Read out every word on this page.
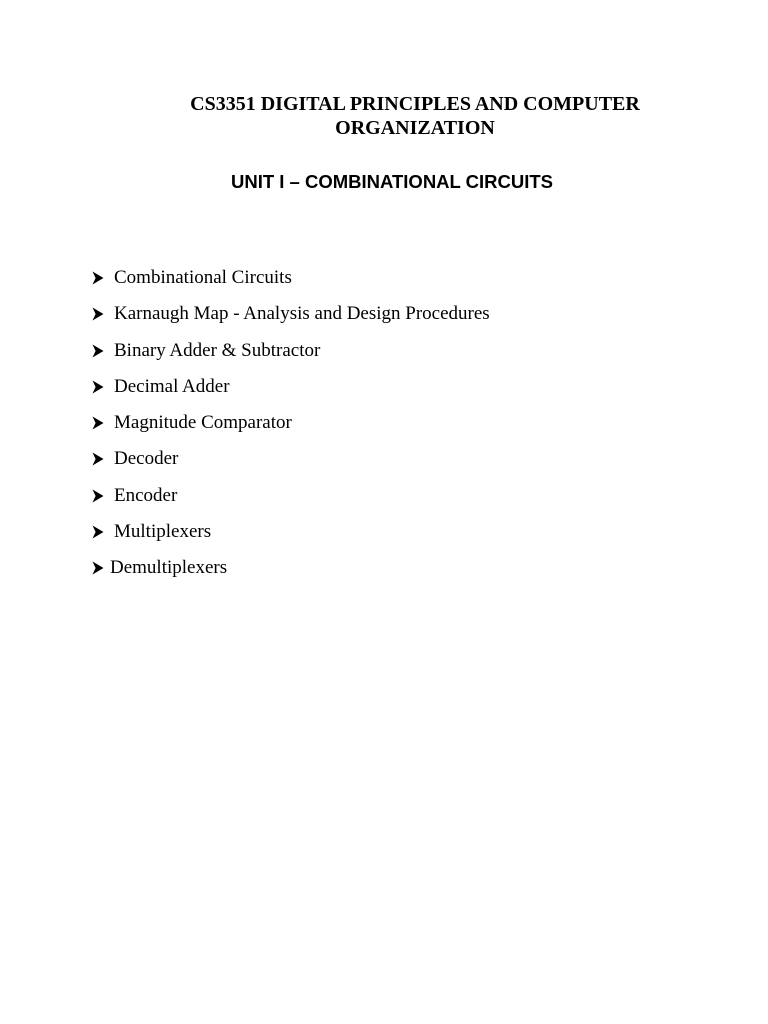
CS3351 DIGITAL PRINCIPLES AND COMPUTER
ORGANIZATION
UNIT I – COMBINATIONAL CIRCUITS
Combinational Circuits
Karnaugh Map - Analysis and Design Procedures
Binary Adder & Subtractor
Decimal Adder
Magnitude Comparator
Decoder
Encoder
Multiplexers
Demultiplexers
